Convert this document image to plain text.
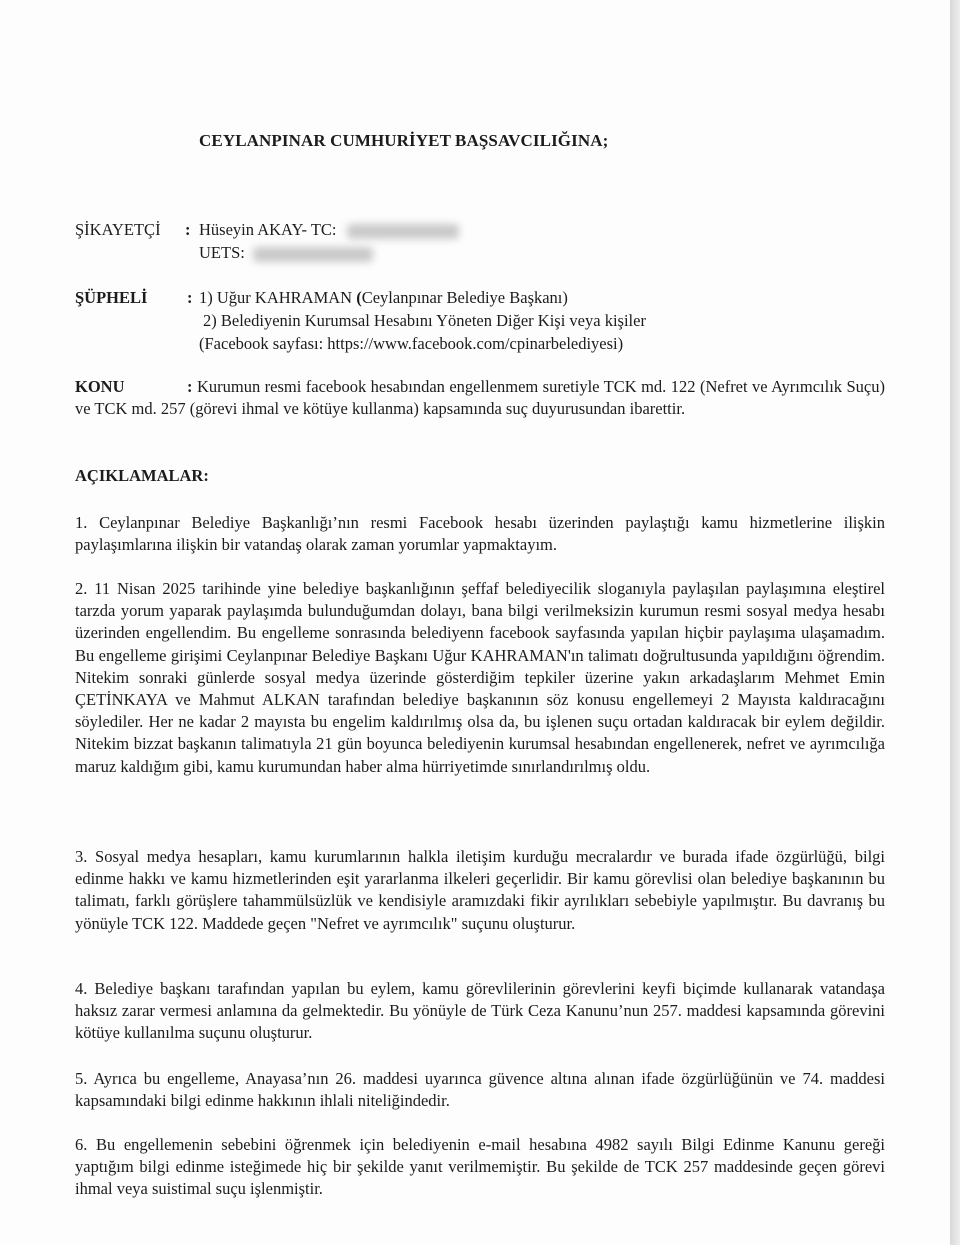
CEYLANPINAR CUMHURİYET BAŞSAVCILIĞINA;
ŞİKAYETÇİ : Hüseyin AKAY- TC:
UETS:
ŞÜPHELİ : 1) Uğur KAHRAMAN (Ceylanpınar Belediye Başkanı)
2) Belediyenin Kurumsal Hesabını Yöneten Diğer Kişi veya kişiler
(Facebook sayfası: https://www.facebook.com/cpinarbelediyesi)
KONU	: Kurumun resmi facebook hesabından engellenmem suretiyle TCK md. 122 (Nefret ve Ayrımcılık Suçu) ve TCK md. 257 (görevi ihmal ve kötüye kullanma) kapsamında suç duyurusundan ibarettir.
AÇIKLAMALAR:
1. Ceylanpınar Belediye Başkanlığı’nın resmi Facebook hesabı üzerinden paylaştığı kamu hizmetlerine ilişkin paylaşımlarına ilişkin bir vatandaş olarak zaman yorumlar yapmaktayım.
2. 11 Nisan 2025 tarihinde yine belediye başkanlığının şeffaf belediyecilik sloganıyla paylaşılan paylaşımına eleştirel tarzda yorum yaparak paylaşımda bulunduğumdan dolayı, bana bilgi verilmeksizin kurumun resmi sosyal medya hesabı üzerinden engellendim. Bu engelleme sonrasında belediyenn facebook sayfasında yapılan hiçbir paylaşıma ulaşamadım. Bu engelleme girişimi Ceylanpınar Belediye Başkanı Uğur KAHRAMAN'ın talimatı doğrultusunda yapıldığını öğrendim. Nitekim sonraki günlerde sosyal medya üzerinde gösterdiğim tepkiler üzerine yakın arkadaşlarım Mehmet Emin ÇETİNKAYA ve Mahmut ALKAN tarafından belediye başkanının söz konusu engellemeyi 2 Mayısta kaldıracağını söylediler. Her ne kadar 2 mayısta bu engelim kaldırılmış olsa da, bu işlenen suçu ortadan kaldıracak bir eylem değildir. Nitekim bizzat başkanın talimatıyla 21 gün boyunca belediyenin kurumsal hesabından engellenerek, nefret ve ayrımcılığa maruz kaldığım gibi, kamu kurumundan haber alma hürriyetimde sınırlandırılmış oldu.
3. Sosyal medya hesapları, kamu kurumlarının halkla iletişim kurduğu mecralardır ve burada ifade özgürlüğü, bilgi edinme hakkı ve kamu hizmetlerinden eşit yararlanma ilkeleri geçerlidir. Bir kamu görevlisi olan belediye başkanının bu talimatı, farklı görüşlere tahammülsüzlük ve kendisiyle aramızdaki fikir ayrılıkları sebebiyle yapılmıştır. Bu davranış bu yönüyle TCK 122. Maddede geçen "Nefret ve ayrımcılık" suçunu oluşturur.
4. Belediye başkanı tarafından yapılan bu eylem, kamu görevlilerinin görevlerini keyfi biçimde kullanarak vatandaşa haksız zarar vermesi anlamına da gelmektedir. Bu yönüyle de Türk Ceza Kanunu’nun 257. maddesi kapsamında görevini kötüye kullanılma suçunu oluşturur.
5. Ayrıca bu engelleme, Anayasa’nın 26. maddesi uyarınca güvence altına alınan ifade özgürlüğünün ve 74. maddesi kapsamındaki bilgi edinme hakkının ihlali niteliğindedir.
6. Bu engellemenin sebebini öğrenmek için belediyenin e-mail hesabına 4982 sayılı Bilgi Edinme Kanunu gereği yaptığım bilgi edinme isteğimede hiç bir şekilde yanıt verilmemiştir. Bu şekilde de TCK 257 maddesinde geçen görevi ihmal veya suistimal suçu işlenmiştir.
